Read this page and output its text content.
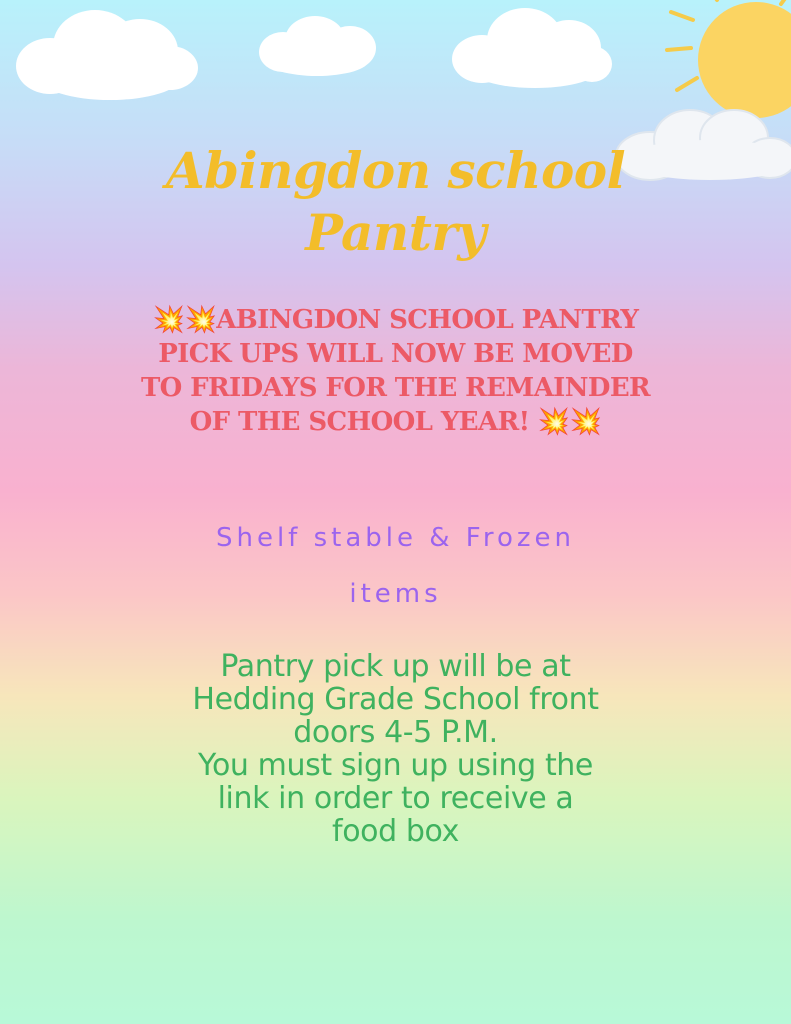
Abingdon school
Pantry
💥💥ABINGDON SCHOOL PANTRY PICK UPS WILL NOW BE MOVED TO FRIDAYS FOR THE REMAINDER OF THE SCHOOL YEAR! 💥💥
Shelf stable & Frozen
items
Pantry pick up will be at
Hedding Grade School front
doors 4-5 P.M.
You must sign up using the
link in order to receive a
food box
